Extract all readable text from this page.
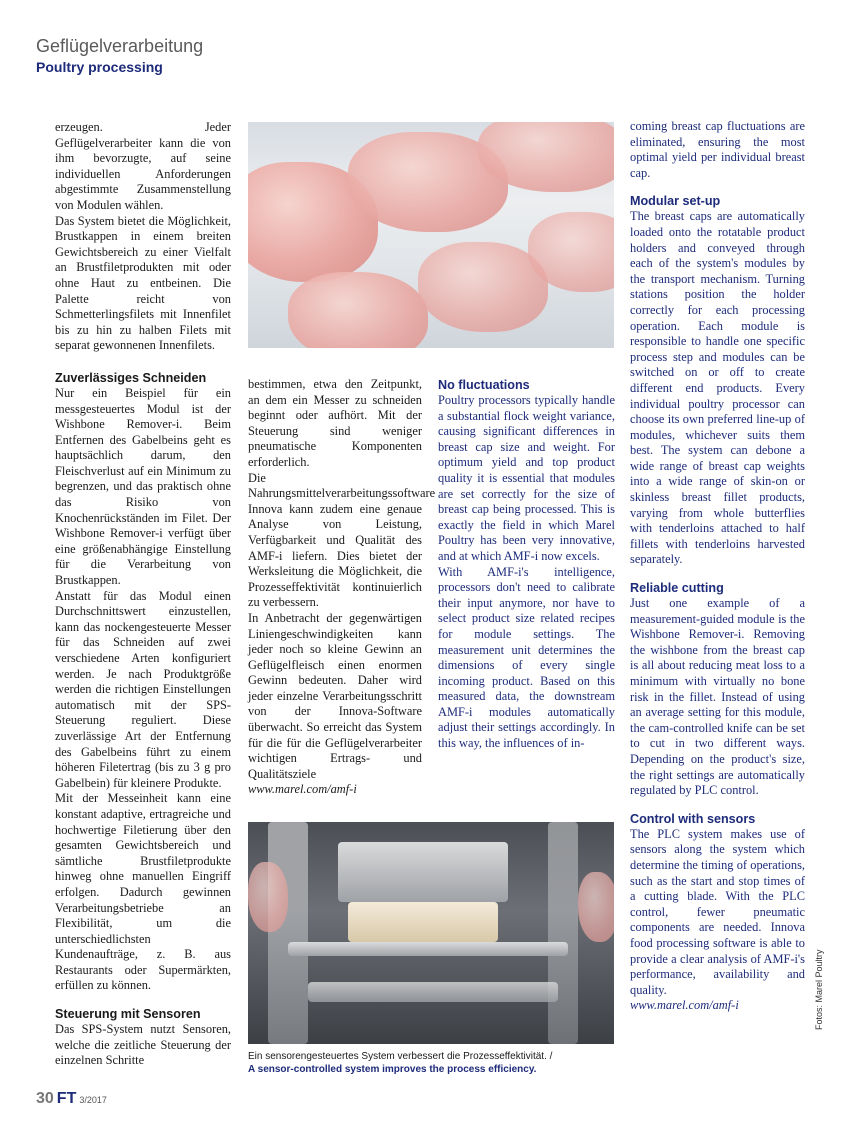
Geflügelverarbeitung
Poultry processing

erzeugen. Jeder Geflügelverarbeiter kann die von ihm bevorzugte, auf seine individuellen Anforderungen abgestimmte Zusammenstellung von Modulen wählen.

Das System bietet die Möglichkeit, Brustkappen in einem breiten Gewichtsbereich zu einer Vielfalt an Brustfiletprodukten mit oder ohne Haut zu entbeinen. Die Palette reicht von Schmetterlingsfilets mit Innenfilet bis zu hin zu halben Filets mit separat gewonnenen Innenfilets.

Zuverlässiges Schneiden

Nur ein Beispiel für ein messgesteuertes Modul ist der Wishbone Remover-i. Beim Entfernen des Gabelbeins geht es hauptsächlich darum, den Fleischverlust auf ein Minimum zu begrenzen, und das praktisch ohne das Risiko von Knochenrückständen im Filet. Der Wishbone Remover-i verfügt über eine größenabhängige Einstellung für die Verarbeitung von Brustkappen.

Anstatt für das Modul einen Durchschnittswert einzustellen, kann das nockengesteuerte Messer für das Schneiden auf zwei verschiedene Arten konfiguriert werden. Je nach Produktgröße werden die richtigen Einstellungen automatisch mit der SPS-Steuerung reguliert. Diese zuverlässige Art der Entfernung des Gabelbeins führt zu einem höheren Filetertrag (bis zu 3 g pro Gabelbein) für kleinere Produkte.

Mit der Messeinheit kann eine konstant adaptive, ertragreiche und hochwertige Filetierung über den gesamten Gewichtsbereich und sämtliche Brustfiletprodukte hinweg ohne manuellen Eingriff erfolgen. Dadurch gewinnen Verarbeitungsbetriebe an Flexibilität, um die unterschiedlichsten Kundenaufträge, z. B. aus Restaurants oder Supermärkten, erfüllen zu können.

Steuerung mit Sensoren

Das SPS-System nutzt Sensoren, welche die zeitliche Steuerung der einzelnen Schritte

bestimmen, etwa den Zeitpunkt, an dem ein Messer zu schneiden beginnt oder aufhört. Mit der Steuerung sind weniger pneumatische Komponenten erforderlich.

Die Nahrungsmittelverarbeitungssoftware Innova kann zudem eine genaue Analyse von Leistung, Verfügbarkeit und Qualität des AMF-i liefern. Dies bietet der Werksleitung die Möglichkeit, die Prozesseffektivität kontinuierlich zu verbessern.

In Anbetracht der gegenwärtigen Liniengeschwindigkeiten kann jeder noch so kleine Gewinn an Geflügelfleisch einen enormen Gewinn bedeuten. Daher wird jeder einzelne Verarbeitungsschritt von der Innova-Software überwacht. So erreicht das System für die für die Geflügelverarbeiter wichtigen Ertrags- und Qualitätsziele

www.marel.com/amf-i

No fluctuations

Poultry processors typically handle a substantial flock weight variance, causing significant differences in breast cap size and weight. For optimum yield and top product quality it is essential that modules are set correctly for the size of breast cap being processed. This is exactly the field in which Marel Poultry has been very innovative, and at which AMF-i now excels.

With AMF-i's intelligence, processors don't need to calibrate their input anymore, nor have to select product size related recipes for module settings. The measurement unit determines the dimensions of every single incoming product. Based on this measured data, the downstream AMF-i modules automatically adjust their settings accordingly. In this way, the influences of in-

coming breast cap fluctuations are eliminated, ensuring the most optimal yield per individual breast cap.

Modular set-up

The breast caps are automatically loaded onto the rotatable product holders and conveyed through each of the system's modules by the transport mechanism. Turning stations position the holder correctly for each processing operation. Each module is responsible to handle one specific process step and modules can be switched on or off to create different end products. Every individual poultry processor can choose its own preferred line-up of modules, whichever suits them best. The system can debone a wide range of breast cap weights into a wide range of skin-on or skinless breast fillet products, varying from whole butterflies with tenderloins attached to half fillets with tenderloins harvested separately.

Reliable cutting

Just one example of a measurement-guided module is the Wishbone Remover-i. Removing the wishbone from the breast cap is all about reducing meat loss to a minimum with virtually no bone risk in the fillet. Instead of using an average setting for this module, the cam-controlled knife can be set to cut in two different ways. Depending on the product's size, the right settings are automatically regulated by PLC control.

Control with sensors

The PLC system makes use of sensors along the system which determine the timing of operations, such as the start and stop times of a cutting blade. With the PLC control, fewer pneumatic components are needed. Innova food processing software is able to provide a clear analysis of AMF-i's performance, availability and quality.

www.marel.com/amf-i

Ein sensorengesteuertes System verbessert die Prozesseffektivität. /
A sensor-controlled system improves the process efficiency.
30 FT 3/2017
Fotos: Marel Poultry
